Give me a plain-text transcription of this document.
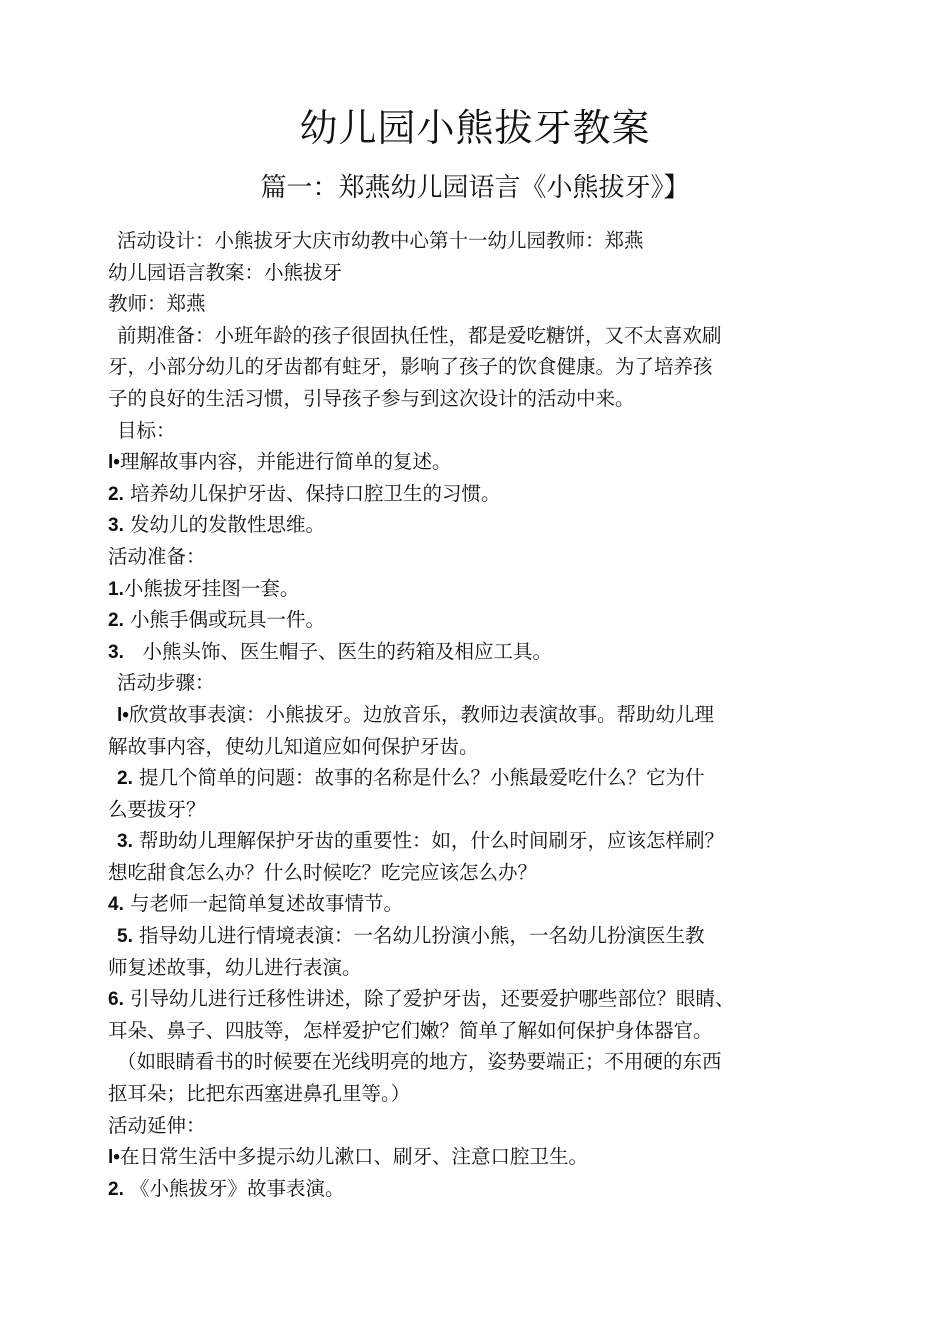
幼儿园小熊拔牙教案
篇一：郑燕幼儿园语言《小熊拔牙》】
活动设计：小熊拔牙大庆市幼教中心第十一幼儿园教师：郑燕
幼儿园语言教案：小熊拔牙
教师：郑燕
前期准备：小班年龄的孩子很固执任性，都是爱吃糖饼，又不太喜欢刷
牙，小部分幼儿的牙齿都有蛀牙，影响了孩子的饮食健康。为了培养孩
子的良好的生活习惯，引导孩子参与到这次设计的活动中来。
目标：
l•理解故事内容，并能进行简单的复述。
2. 培养幼儿保护牙齿、保持口腔卫生的习惯。
3. 发幼儿的发散性思维。
活动准备：
1.小熊拔牙挂图一套。
2. 小熊手偶或玩具一件。
3.   小熊头饰、医生帽子、医生的药箱及相应工具。
活动步骤：
l•欣赏故事表演：小熊拔牙。边放音乐，教师边表演故事。帮助幼儿理
解故事内容，使幼儿知道应如何保护牙齿。
2. 提几个简单的问题：故事的名称是什么？小熊最爱吃什么？它为什
么要拔牙？
3. 帮助幼儿理解保护牙齿的重要性：如，什么时间刷牙，应该怎样刷？
想吃甜食怎么办？什么时候吃？吃完应该怎么办？
4. 与老师一起简单复述故事情节。
5. 指导幼儿进行情境表演：一名幼儿扮演小熊，一名幼儿扮演医生教
师复述故事，幼儿进行表演。
6. 引导幼儿进行迁移性讲述，除了爱护牙齿，还要爱护哪些部位？眼睛、
耳朵、鼻子、四肢等，怎样爱护它们嫩？简单了解如何保护身体器官。
（如眼睛看书的时候要在光线明亮的地方，姿势要端正；不用硬的东西
抠耳朵；比把东西塞进鼻孔里等。）
活动延伸：
l•在日常生活中多提示幼儿漱口、刷牙、注意口腔卫生。
2. 《小熊拔牙》故事表演。
